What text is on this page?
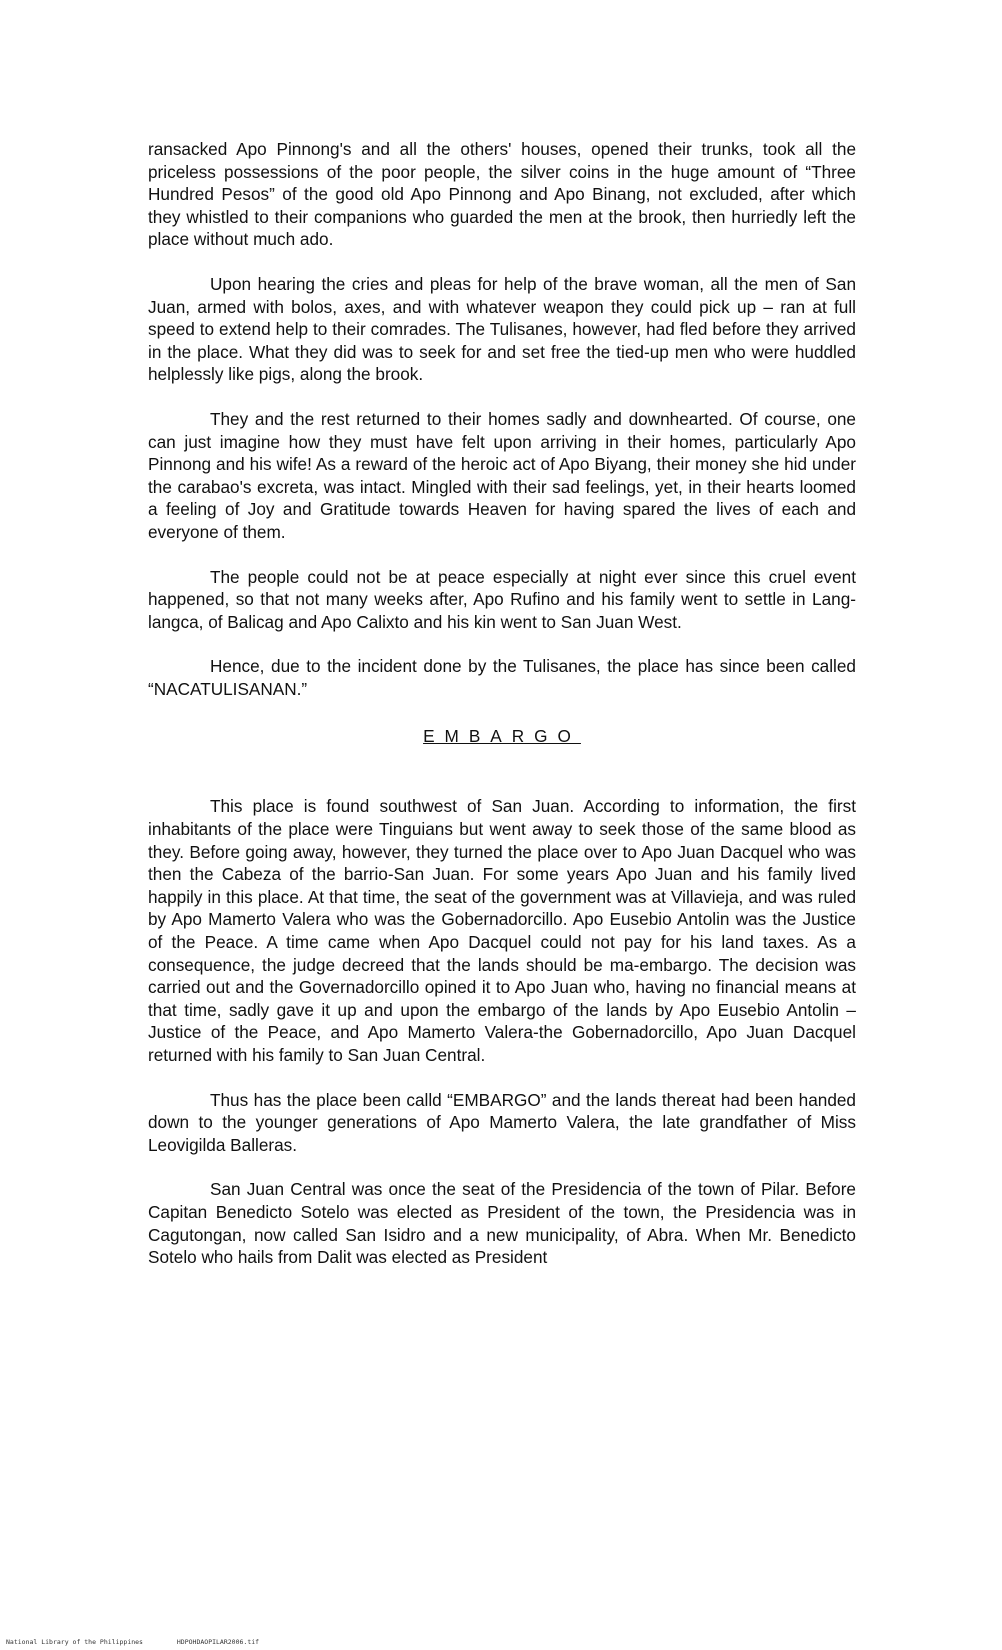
ransacked Apo Pinnong's and all the others' houses, opened their trunks, took all the priceless possessions of the poor people, the silver coins in the huge amount of “Three Hundred Pesos” of the good old Apo Pinnong and Apo Binang, not excluded, after which they whistled to their companions who guarded the men at the brook, then hurriedly left the place without much ado.

Upon hearing the cries and pleas for help of the brave woman, all the men of San Juan, armed with bolos, axes, and with whatever weapon they could pick up – ran at full speed to extend help to their comrades. The Tulisanes, however, had fled before they arrived in the place. What they did was to seek for and set free the tied-up men who were huddled helplessly like pigs, along the brook.

They and the rest returned to their homes sadly and downhearted. Of course, one can just imagine how they must have felt upon arriving in their homes, particularly Apo Pinnong and his wife! As a reward of the heroic act of Apo Biyang, their money she hid under the carabao's excreta, was intact. Mingled with their sad feelings, yet, in their hearts loomed a feeling of Joy and Gratitude towards Heaven for having spared the lives of each and everyone of them.

The people could not be at peace especially at night ever since this cruel event happened, so that not many weeks after, Apo Rufino and his family went to settle in Lang-langca, of Balicag and Apo Calixto and his kin went to San Juan West.

Hence, due to the incident done by the Tulisanes, the place has since been called “NACATULISANAN.”

EMBARGO

This place is found southwest of San Juan. According to information, the first inhabitants of the place were Tinguians but went away to seek those of the same blood as they. Before going away, however, they turned the place over to Apo Juan Dacquel who was then the Cabeza of the barrio-San Juan. For some years Apo Juan and his family lived happily in this place. At that time, the seat of the government was at Villavieja, and was ruled by Apo Mamerto Valera who was the Gobernadorcillo. Apo Eusebio Antolin was the Justice of the Peace. A time came when Apo Dacquel could not pay for his land taxes. As a consequence, the judge decreed that the lands should be ma-embargo. The decision was carried out and the Governadorcillo opined it to Apo Juan who, having no financial means at that time, sadly gave it up and upon the embargo of the lands by Apo Eusebio Antolin – Justice of the Peace, and Apo Mamerto Valera-the Gobernadorcillo, Apo Juan Dacquel returned with his family to San Juan Central.

Thus has the place been calld “EMBARGO” and the lands thereat had been handed down to the younger generations of Apo Mamerto Valera, the late grandfather of Miss Leovigilda Balleras.

San Juan Central was once the seat of the Presidencia of the town of Pilar. Before Capitan Benedicto Sotelo was elected as President of the town, the Presidencia was in Cagutongan, now called San Isidro and a new municipality, of Abra. When Mr. Benedicto Sotelo who hails from Dalit was elected as President

National Library of the Philippines	HDPOHDAOPILAR2006.tif
